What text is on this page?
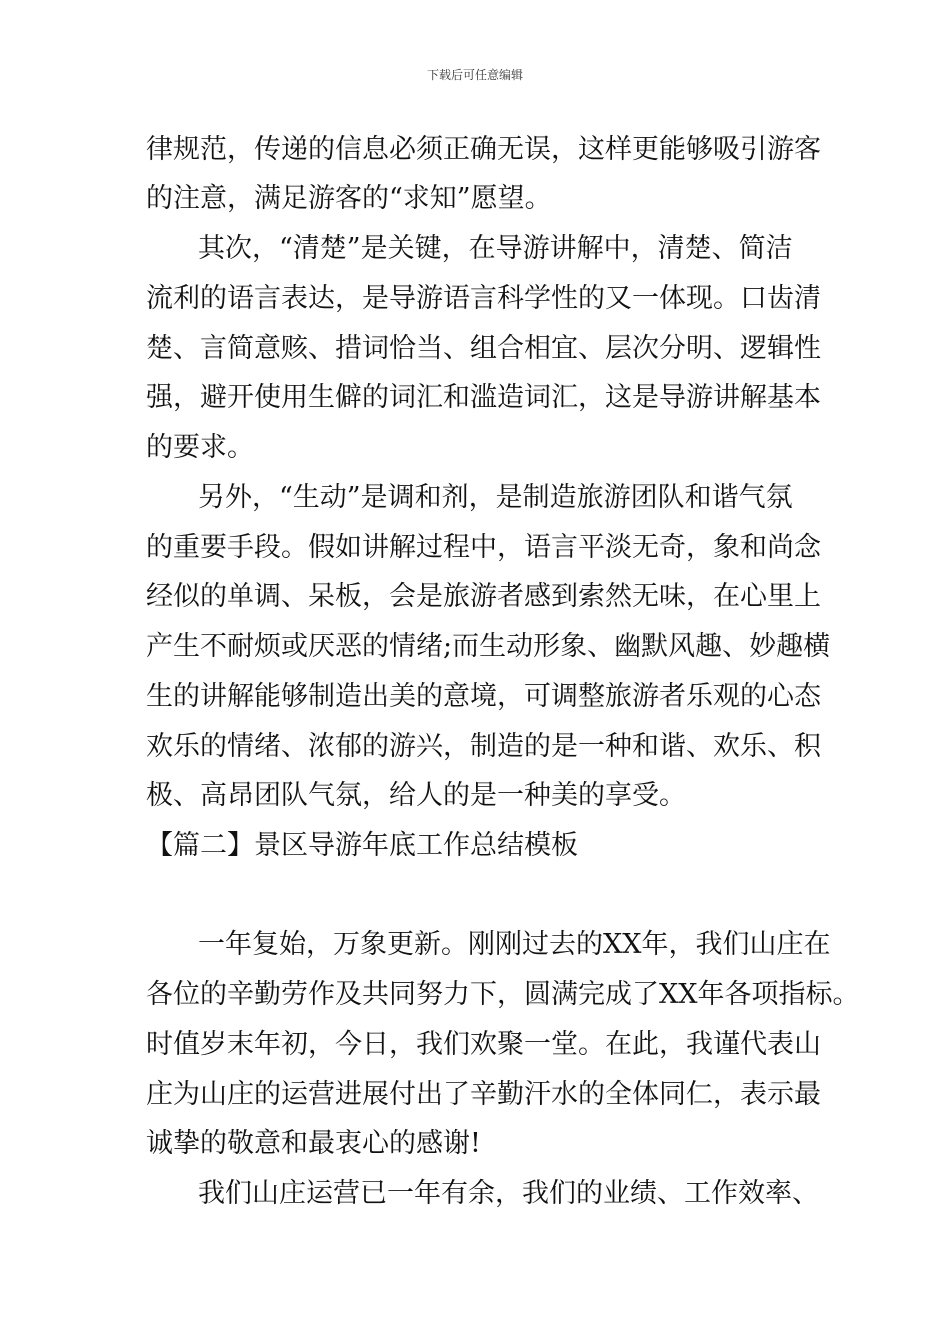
下载后可任意编辑
律规范，传递的信息必须正确无误，这样更能够吸引游客
的注意，满足游客的“求知”愿望。
其次，“清楚”是关键，在导游讲解中，清楚、简洁
流利的语言表达，是导游语言科学性的又一体现。口齿清
楚、言简意赅、措词恰当、组合相宜、层次分明、逻辑性
强，避开使用生僻的词汇和滥造词汇，这是导游讲解基本
的要求。
另外，“生动”是调和剂，是制造旅游团队和谐气氛
的重要手段。假如讲解过程中，语言平淡无奇，象和尚念
经似的单调、呆板，会是旅游者感到索然无味，在心里上
产生不耐烦或厌恶的情绪;而生动形象、幽默风趣、妙趣横
生的讲解能够制造出美的意境，可调整旅游者乐观的心态
欢乐的情绪、浓郁的游兴，制造的是一种和谐、欢乐、积
极、高昂团队气氛，给人的是一种美的享受。
【篇二】景区导游年底工作总结模板
一年复始，万象更新。刚刚过去的XX年，我们山庄在
各位的辛勤劳作及共同努力下，圆满完成了XX年各项指标。
时值岁末年初，今日，我们欢聚一堂。在此，我谨代表山
庄为山庄的运营进展付出了辛勤汗水的全体同仁，表示最
诚挚的敬意和最衷心的感谢!
我们山庄运营已一年有余，我们的业绩、工作效率、
